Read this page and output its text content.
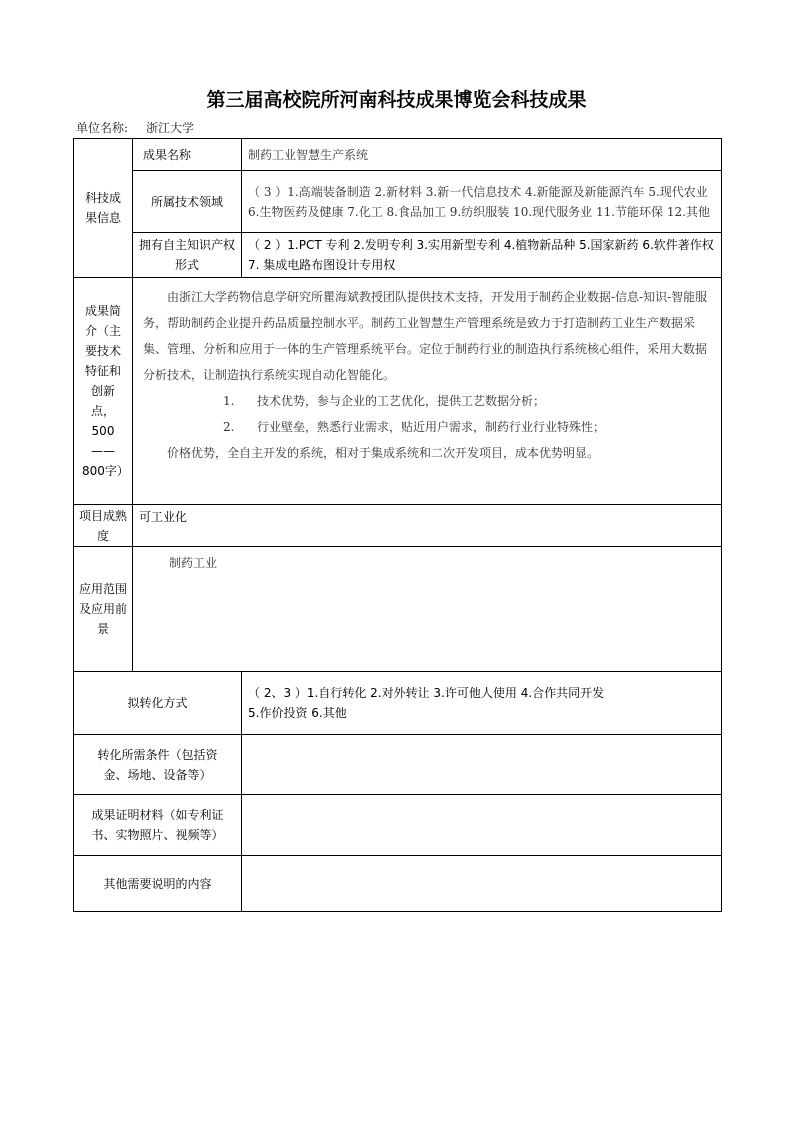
第三届高校院所河南科技成果博览会科技成果
单位名称: 浙江大学
科技成果信息	成果名称	制药工业智慧生产系统
	所属技术领域	（ 3 ）1.高端装备制造 2.新材料 3.新一代信息技术 4.新能源及新能源汽车 5.现代农业 6.生物医药及健康 7.化工 8.食品加工 9.纺织服装 10.现代服务业 11.节能环保 12.其他
	拥有自主知识产权形式	（ 2 ）1.PCT 专利 2.发明专利 3.实用新型专利 4.植物新品种 5.国家新药 6.软件著作权 7. 集成电路布图设计专用权
成果简介（主要技术特征和创新点，500——800字）	由浙江大学药物信息学研究所瞿海斌教授团队提供技术支持，开发用于制药企业数据-信息-知识-智能服务，帮助制药企业提升药品质量控制水平。制药工业智慧生产管理系统是致力于打造制药工业生产数据采集、管理、分析和应用于一体的生产管理系统平台。定位于制药行业的制造执行系统核心组件，采用大数据分析技术，让制造执行系统实现自动化智能化。

1. 技术优势，参与企业的工艺优化，提供工艺数据分析；

2. 行业壁垒，熟悉行业需求，贴近用户需求，制药行业行业特殊性；

价格优势，全自主开发的系统，相对于集成系统和二次开发项目，成本优势明显。	

项目成熟度	可工业化	
应用范围及应用前景	制药工业	
拟转化方式		（ 2、3 ）1.自行转化 2.对外转让 3.许可他人使用 4.合作共同开发
5.作价投资 6.其他

转化所需条件（包括资金、场地、设备等）		
成果证明材料（如专利证书、实物照片、视频等）		
其他需要说明的内容		
